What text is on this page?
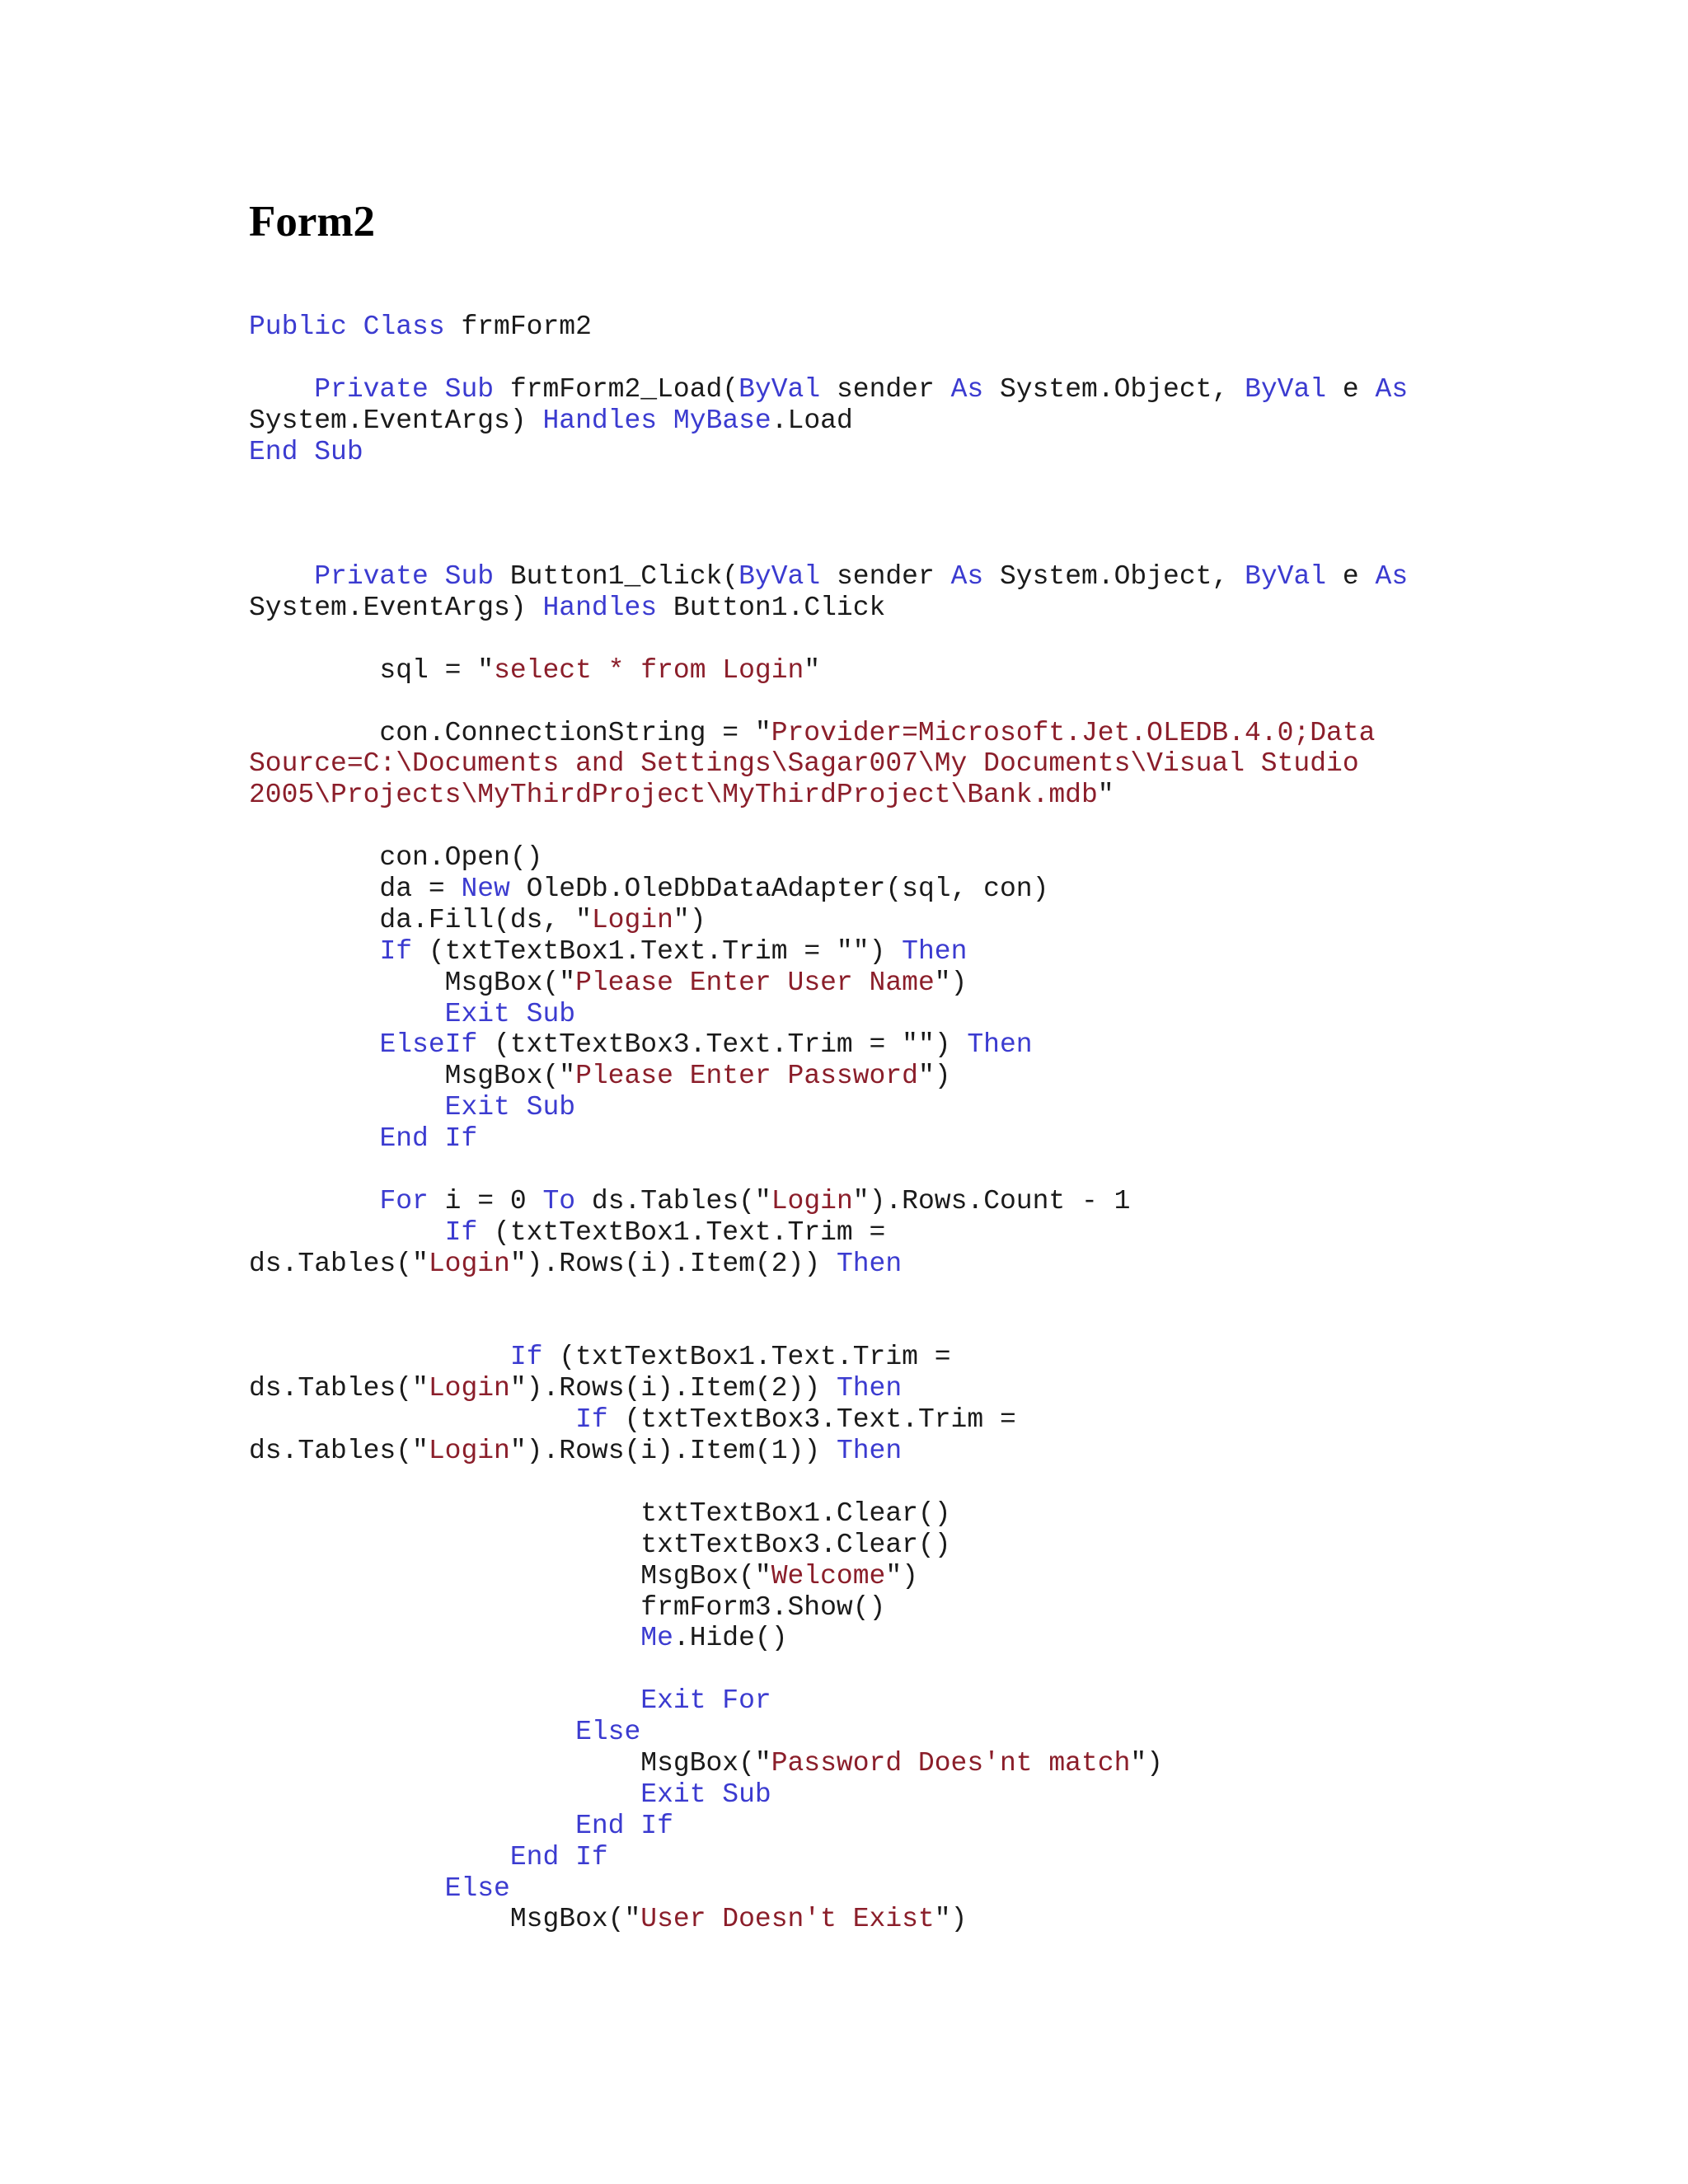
Form2
Public Class frmForm2
Private Sub frmForm2_Load(ByVal sender As System.Object, ByVal e As
System.EventArgs) Handles MyBase.Load
End Sub
Private Sub Button1_Click(ByVal sender As System.Object, ByVal e As
System.EventArgs) Handles Button1.Click
sql = "select * from Login"
con.ConnectionString = "Provider=Microsoft.Jet.OLEDB.4.0;Data
Source=C:\Documents and Settings\Sagar007\My Documents\Visual Studio
2005\Projects\MyThirdProject\MyThirdProject\Bank.mdb"
con.Open()
da = New OleDb.OleDbDataAdapter(sql, con)
da.Fill(ds, "Login")
If (txtTextBox1.Text.Trim = "") Then
MsgBox("Please Enter User Name")
Exit Sub
ElseIf (txtTextBox3.Text.Trim = "") Then
MsgBox("Please Enter Password")
Exit Sub
End If
For i = 0 To ds.Tables("Login").Rows.Count - 1
If (txtTextBox1.Text.Trim =
ds.Tables("Login").Rows(i).Item(2)) Then
If (txtTextBox1.Text.Trim =
ds.Tables("Login").Rows(i).Item(2)) Then
If (txtTextBox3.Text.Trim =
ds.Tables("Login").Rows(i).Item(1)) Then
txtTextBox1.Clear()
txtTextBox3.Clear()
MsgBox("Welcome")
frmForm3.Show()
Me.Hide()
Exit For
Else
MsgBox("Password Does'nt match")
Exit Sub
End If
End If
Else
MsgBox("User Doesn't Exist")
